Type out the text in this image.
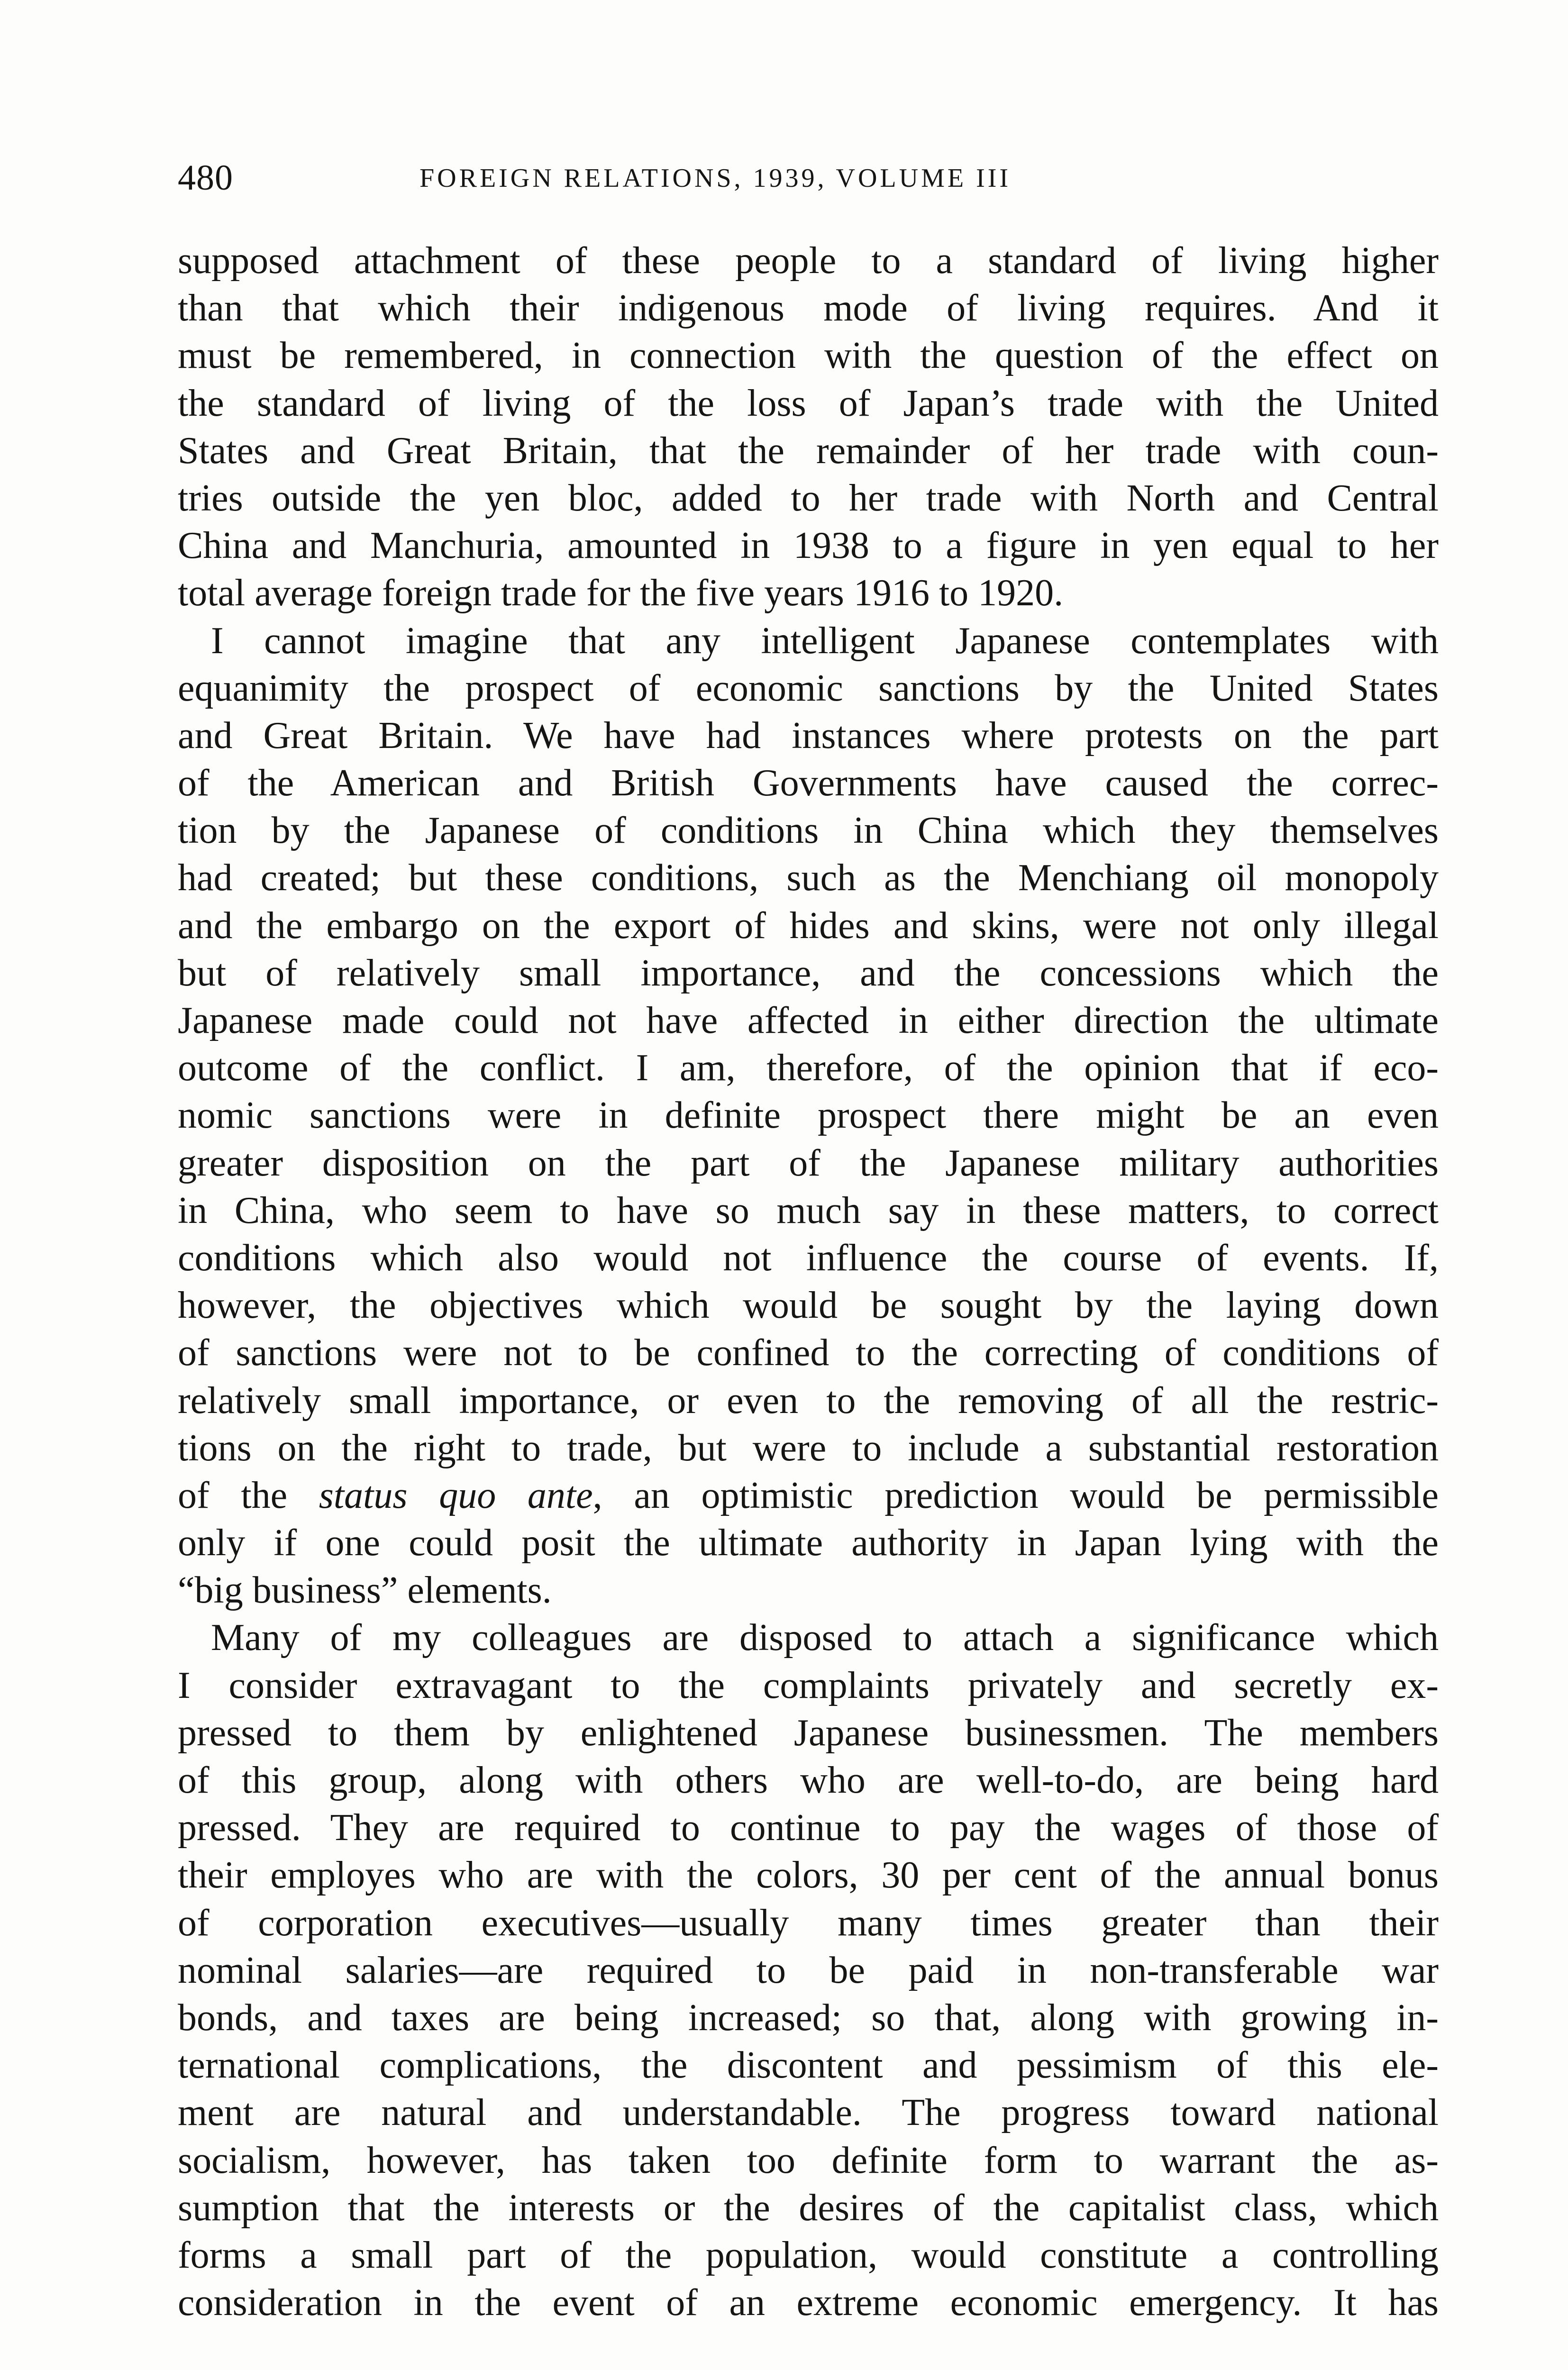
480	FOREIGN RELATIONS, 1939, VOLUME III
supposed attachment of these people to a standard of living higher
than that which their indigenous mode of living requires. And it
must be remembered, in connection with the question of the effect on
the standard of living of the loss of Japan’s trade with the United
States and Great Britain, that the remainder of her trade with coun-
tries outside the yen bloc, added to her trade with North and Central
China and Manchuria, amounted in 1938 to a figure in yen equal to her
total average foreign trade for the five years 1916 to 1920.
I cannot imagine that any intelligent Japanese contemplates with
equanimity the prospect of economic sanctions by the United States
and Great Britain. We have had instances where protests on the part
of the American and British Governments have caused the correc-
tion by the Japanese of conditions in China which they themselves
had created; but these conditions, such as the Menchiang oil monopoly
and the embargo on the export of hides and skins, were not only illegal
but of relatively small importance, and the concessions which the
Japanese made could not have affected in either direction the ultimate
outcome of the conflict. I am, therefore, of the opinion that if eco-
nomic sanctions were in definite prospect there might be an even
greater disposition on the part of the Japanese military authorities
in China, who seem to have so much say in these matters, to correct
conditions which also would not influence the course of events. If,
however, the objectives which would be sought by the laying down
of sanctions were not to be confined to the correcting of conditions of
relatively small importance, or even to the removing of all the restric-
tions on the right to trade, but were to include a substantial restoration
of the status quo ante, an optimistic prediction would be permissible
only if one could posit the ultimate authority in Japan lying with the
“big business” elements.
Many of my colleagues are disposed to attach a significance which
I consider extravagant to the complaints privately and secretly ex-
pressed to them by enlightened Japanese businessmen. The members
of this group, along with others who are well-to-do, are being hard
pressed. They are required to continue to pay the wages of those of
their employes who are with the colors, 30 per cent of the annual bonus
of corporation executives—usually many times greater than their
nominal salaries—are required to be paid in non-transferable war
bonds, and taxes are being increased; so that, along with growing in-
ternational complications, the discontent and pessimism of this ele-
ment are natural and understandable. The progress toward national
socialism, however, has taken too definite form to warrant the as-
sumption that the interests or the desires of the capitalist class, which
forms a small part of the population, would constitute a controlling
consideration in the event of an extreme economic emergency. It has
